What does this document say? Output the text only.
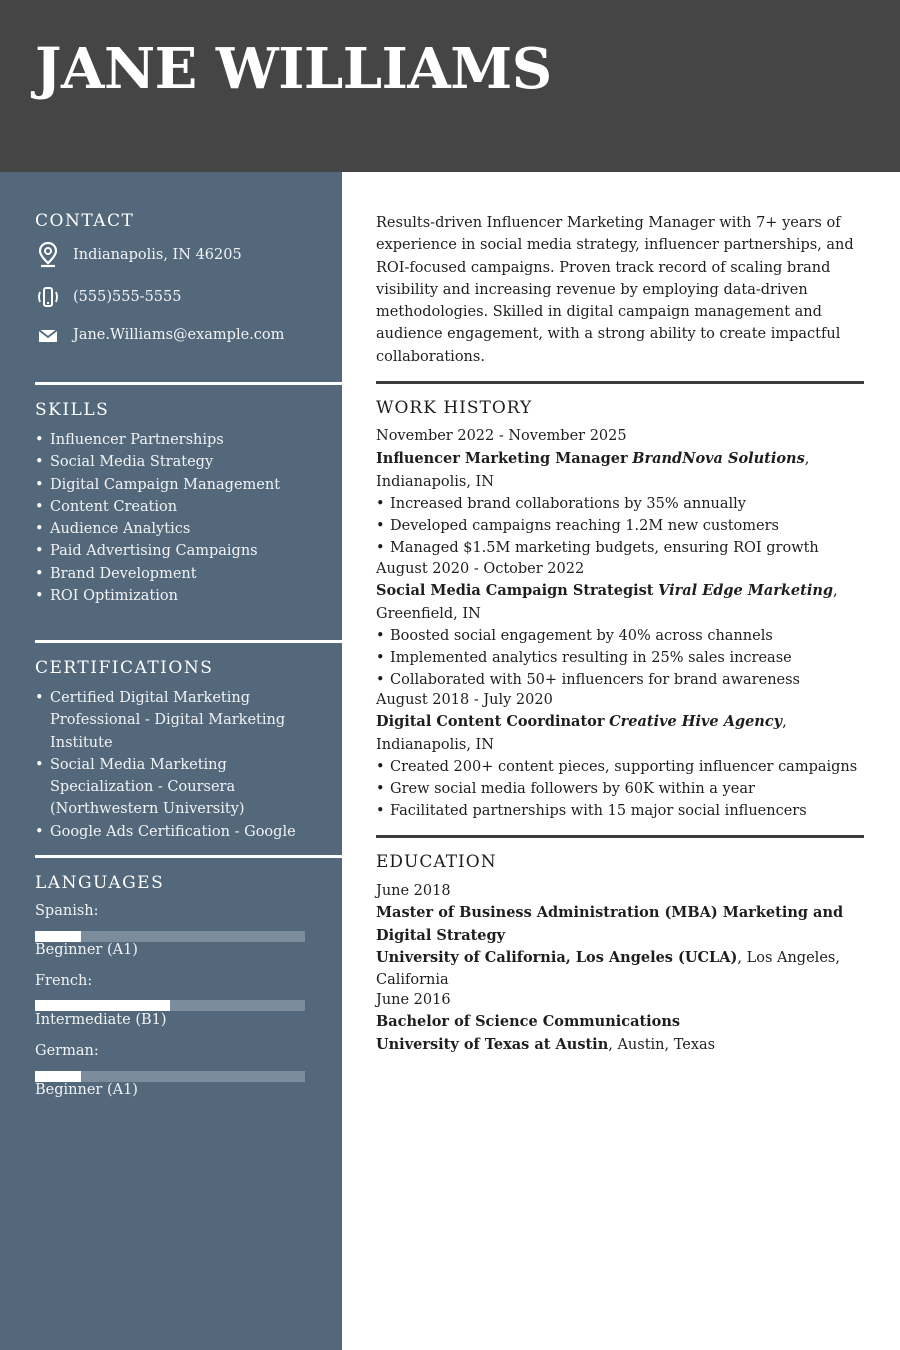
JANE WILLIAMS
CONTACT
Indianapolis, IN 46205
(555)555-5555
Jane.Williams@example.com
SKILLS
• Influencer Partnerships
• Social Media Strategy
• Digital Campaign Management
• Content Creation
• Audience Analytics
• Paid Advertising Campaigns
• Brand Development
• ROI Optimization
CERTIFICATIONS
• Certified Digital Marketing Professional - Digital Marketing Institute
• Social Media Marketing Specialization - Coursera (Northwestern University)
• Google Ads Certification - Google
LANGUAGES
Spanish:
Beginner (A1)
French:
Intermediate (B1)
German:
Beginner (A1)

Results-driven Influencer Marketing Manager with 7+ years of experience in social media strategy, influencer partnerships, and ROI-focused campaigns. Proven track record of scaling brand visibility and increasing revenue by employing data-driven methodologies. Skilled in digital campaign management and audience engagement, with a strong ability to create impactful collaborations.

WORK HISTORY
November 2022 - November 2025
Influencer Marketing Manager BrandNova Solutions, Indianapolis, IN
• Increased brand collaborations by 35% annually
• Developed campaigns reaching 1.2M new customers
• Managed $1.5M marketing budgets, ensuring ROI growth
August 2020 - October 2022
Social Media Campaign Strategist Viral Edge Marketing, Greenfield, IN
• Boosted social engagement by 40% across channels
• Implemented analytics resulting in 25% sales increase
• Collaborated with 50+ influencers for brand awareness
August 2018 - July 2020
Digital Content Coordinator Creative Hive Agency, Indianapolis, IN
• Created 200+ content pieces, supporting influencer campaigns
• Grew social media followers by 60K within a year
• Facilitated partnerships with 15 major social influencers
EDUCATION
June 2018
Master of Business Administration (MBA) Marketing and Digital Strategy
University of California, Los Angeles (UCLA), Los Angeles, California
June 2016
Bachelor of Science Communications
University of Texas at Austin, Austin, Texas
